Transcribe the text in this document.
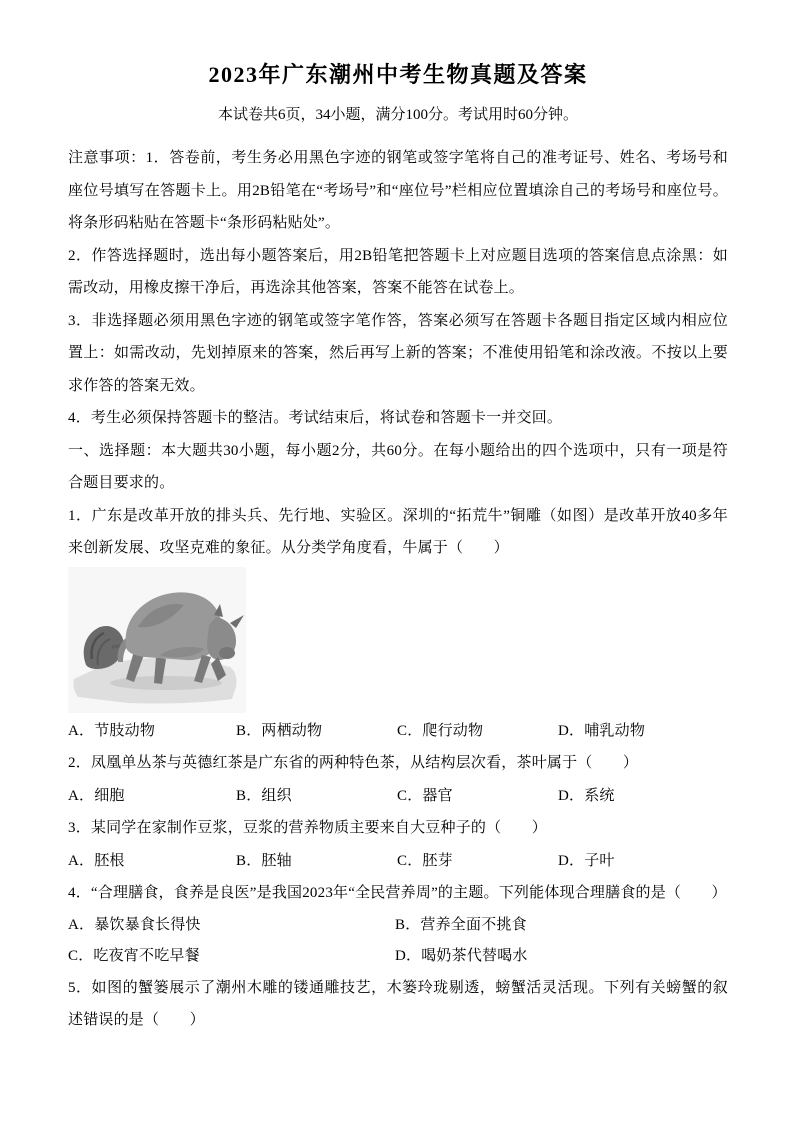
2023年广东潮州中考生物真题及答案

本试卷共6页，34小题，满分100分。考试用时60分钟。

注意事项：1．答卷前，考生务必用黑色字迹的钢笔或签字笔将自己的准考证号、姓名、考场号和座位号填写在答题卡上。用2B铅笔在“考场号”和“座位号”栏相应位置填涂自己的考场号和座位号。将条形码粘贴在答题卡“条形码粘贴处”。

2．作答选择题时，选出每小题答案后，用2B铅笔把答题卡上对应题目选项的答案信息点涂黑：如需改动，用橡皮擦干净后，再选涂其他答案，答案不能答在试卷上。

3．非选择题必须用黑色字迹的钢笔或签字笔作答，答案必须写在答题卡各题目指定区域内相应位置上：如需改动，先划掉原来的答案，然后再写上新的答案；不准使用铅笔和涂改液。不按以上要求作答的答案无效。

4．考生必须保持答题卡的整洁。考试结束后，将试卷和答题卡一并交回。

一、选择题：本大题共30小题，每小题2分，共60分。在每小题给出的四个选项中，只有一项是符合题目要求的。

1．广东是改革开放的排头兵、先行地、实验区。深圳的“拓荒牛”铜雕（如图）是改革开放40多年来创新发展、攻坚克难的象征。从分类学角度看，牛属于（　　）

A．节肢动物	B．两栖动物	C．爬行动物	D．哺乳动物

2．凤凰单丛茶与英德红茶是广东省的两种特色茶，从结构层次看，茶叶属于（　　）

A．细胞	B．组织	C．器官	D．系统

3．某同学在家制作豆浆，豆浆的营养物质主要来自大豆种子的（　　）

A．胚根	B．胚轴	C．胚芽	D．子叶

4．“合理膳食，食养是良医”是我国2023年“全民营养周”的主题。下列能体现合理膳食的是（　　）

A．暴饮暴食长得快	B．营养全面不挑食
C．吃夜宵不吃早餐	D．喝奶茶代替喝水

5．如图的蟹篓展示了潮州木雕的镂通雕技艺，木篓玲珑剔透，螃蟹活灵活现。下列有关螃蟹的叙述错误的是（　　）
